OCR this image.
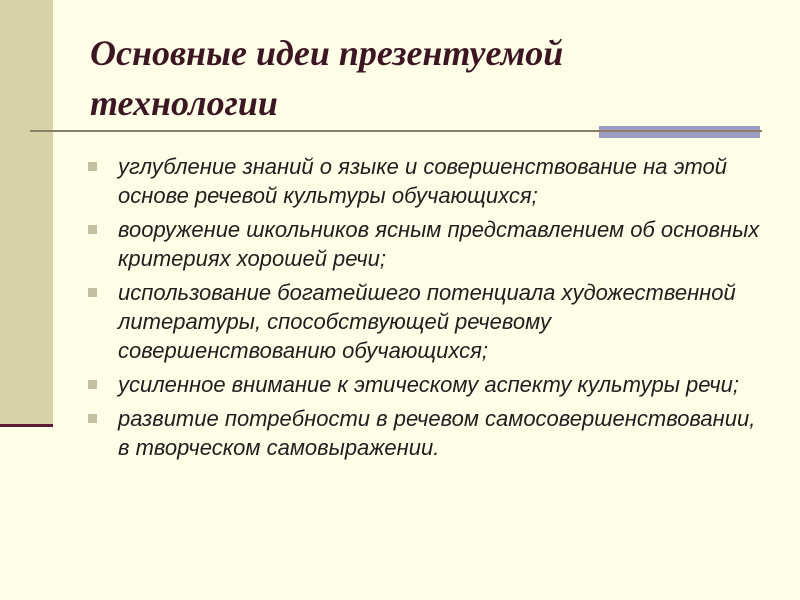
Основные идеи презентуемой технологии
углубление знаний о языке и совершенствование на этой основе речевой культуры обучающихся;
вооружение школьников ясным представлением об основных критериях хорошей речи;
использование богатейшего потенциала художественной литературы, способствующей речевому совершенствованию обучающихся;
усиленное внимание к этическому аспекту культуры речи;
развитие потребности в речевом самосовершенствовании, в творческом самовыражении.
